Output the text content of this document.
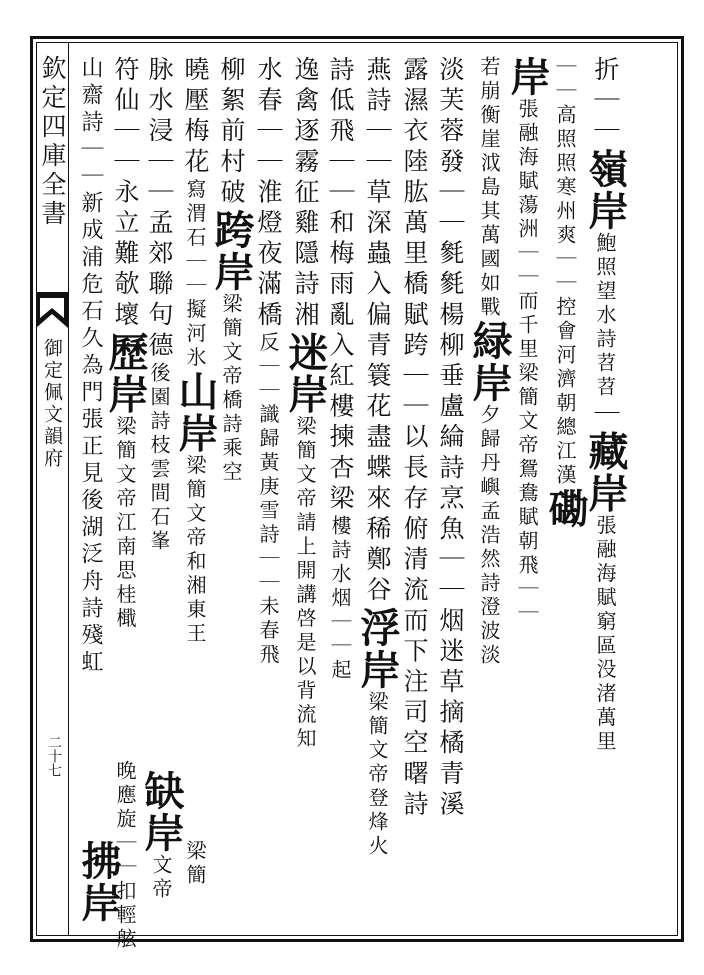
欽定四庫全書
御定佩文韻府
二十七
折｜｜嶺岸鮑照望水詩苕苕｜藏岸張融海賦窮區没渚萬里
｜｜高照照寒州爽｜｜控會河濟朝總江漢磡
岸張融海賦蕩洲｜｜而千里梁簡文帝鴛鴦賦朝飛｜｜
若崩衡崖泧島其萬國如戰緑岸夕歸丹嶼孟浩然詩澄波淡
淡芙蓉發｜｜毿毿楊柳垂盧綸詩烹魚｜｜烟迷草摘橘青溪
露濕衣陸肱萬里橋賦跨｜｜以長存俯清流而下注司空曙詩
燕詩｜｜草深蟲入偏青簑花盡蝶來稀鄭谷浮岸梁簡文帝登烽火
詩低飛｜｜和梅雨亂入紅樓揀杏梁樓詩水烟｜｜起
逸禽逐霧征雞隱詩湘迷岸梁簡文帝請上開講啓是以背流知
水春｜｜淮燈夜滿橋反｜｜識歸黃庚雪詩｜｜未春飛
柳絮前村破跨岸梁簡文帝橋詩乘空
曉壓梅花寫渭石｜｜擬河氷山岸梁簡文帝和湘東王
脉水浸｜｜孟郊聯句德後園詩枝雲間石峯
符仙｜｜永立難欹壞歷岸梁簡文帝江南思桂檝
山齋詩｜｜新成浦危石久為門張正見後湖泛舟詩殘虹
缺岸文帝
拂岸
晚應旋｜｜扣輕舷 梁簡
